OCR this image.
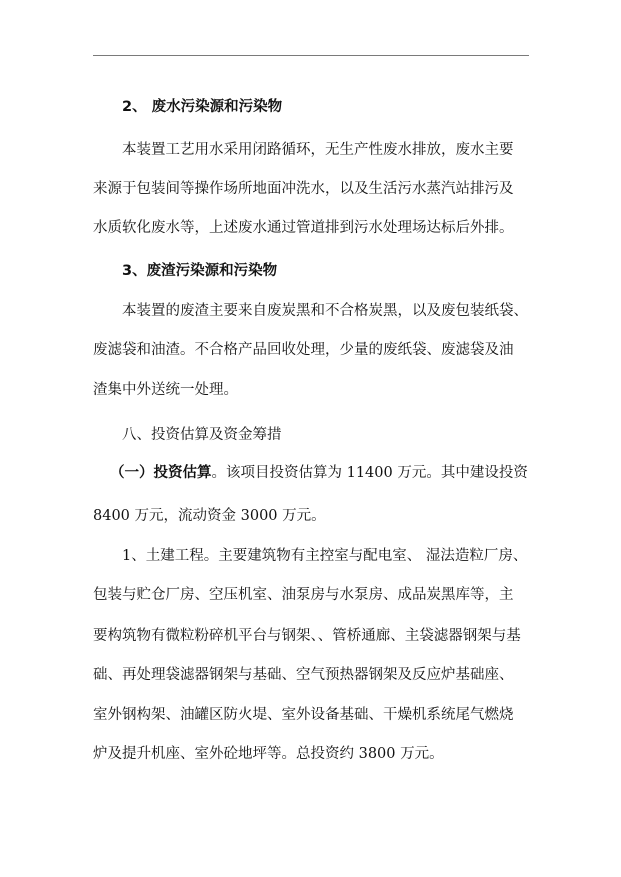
2、 废水污染源和污染物
本装置工艺用水采用闭路循环，无生产性废水排放，废水主要
来源于包装间等操作场所地面冲洗水，以及生活污水蒸汽站排污及
水质软化废水等，上述废水通过管道排到污水处理场达标后外排。
3、废渣污染源和污染物
本装置的废渣主要来自废炭黑和不合格炭黑，以及废包装纸袋、
废滤袋和油渣。不合格产品回收处理，少量的废纸袋、废滤袋及油
渣集中外送统一处理。
八、投资估算及资金筹措
（一）投资估算。该项目投资估算为 11400 万元。其中建设投资
8400 万元，流动资金 3000 万元。
1、土建工程。主要建筑物有主控室与配电室、 湿法造粒厂房、
包装与贮仓厂房、空压机室、油泵房与水泵房、成品炭黑库等，主
要构筑物有微粒粉碎机平台与钢架、、管桥通廊、主袋滤器钢架与基
础、再处理袋滤器钢架与基础、空气预热器钢架及反应炉基础座、
室外钢构架、油罐区防火堤、室外设备基础、干燥机系统尾气燃烧
炉及提升机座、室外砼地坪等。总投资约 3800 万元。
